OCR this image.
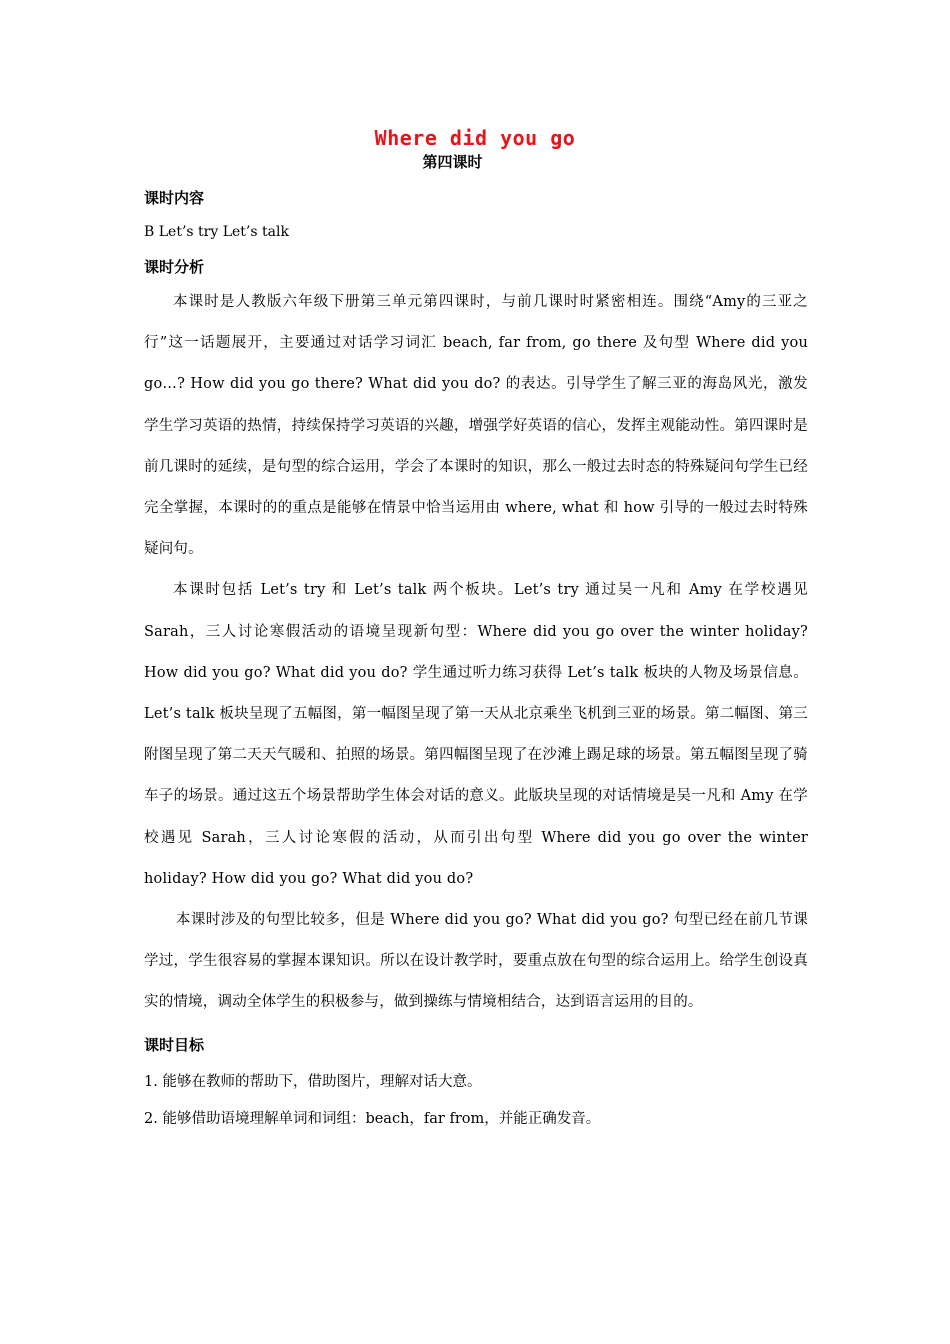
Where did you go
第四课时
课时内容

B Let’s try Let’s talk

课时分析

本课时是人教版六年级下册第三单元第四课时，与前几课时时紧密相连。围绕“Amy的三亚之行”这一话题展开，主要通过对话学习词汇 beach, far from, go there 及句型 Where did you go…? How did you go there? What did you do? 的表达。引导学生了解三亚的海岛风光，激发学生学习英语的热情，持续保持学习英语的兴趣，增强学好英语的信心，发挥主观能动性。第四课时是前几课时的延续，是句型的综合运用，学会了本课时的知识，那么一般过去时态的特殊疑问句学生已经完全掌握，本课时的的重点是能够在情景中恰当运用由 where, what 和 how 引导的一般过去时特殊疑问句。

本课时包括 Let’s try 和 Let’s talk 两个板块。Let’s try 通过吴一凡和 Amy 在学校遇见 Sarah，三人讨论寒假活动的语境呈现新句型：Where did you go over the winter holiday? How did you go? What did you do? 学生通过听力练习获得 Let’s talk 板块的人物及场景信息。Let’s talk 板块呈现了五幅图，第一幅图呈现了第一天从北京乘坐飞机到三亚的场景。第二幅图、第三附图呈现了第二天天气暖和、拍照的场景。第四幅图呈现了在沙滩上踢足球的场景。第五幅图呈现了骑车子的场景。通过这五个场景帮助学生体会对话的意义。此版块呈现的对话情境是吴一凡和 Amy 在学校遇见 Sarah，三人讨论寒假的活动，从而引出句型 Where did you go over the winter holiday? How did you go? What did you do?

本课时涉及的句型比较多，但是 Where did you go? What did you go? 句型已经在前几节课学过，学生很容易的掌握本课知识。所以在设计教学时，要重点放在句型的综合运用上。给学生创设真实的情境，调动全体学生的积极参与，做到操练与情境相结合，达到语言运用的目的。

课时目标
1. 能够在教师的帮助下，借助图片，理解对话大意。
2. 能够借助语境理解单词和词组：beach，far from，并能正确发音。
